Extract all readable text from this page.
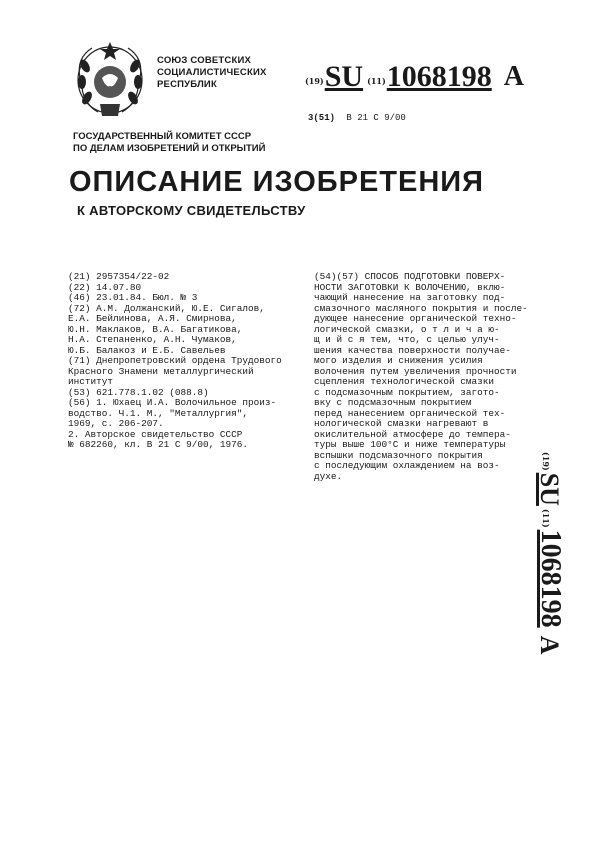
СОЮЗ СОВЕТСКИХ
СОЦИАЛИСТИЧЕСКИХ
РЕСПУБЛИК	(19) SU (11) 1068198 A
3(51) B 21 C 9/00
ГОСУДАРСТВЕННЫЙ КОМИТЕТ СССР
ПО ДЕЛАМ ИЗОБРЕТЕНИЙ И ОТКРЫТИЙ
ОПИСАНИЕ ИЗОБРЕТЕНИЯ
К АВТОРСКОМУ СВИДЕТЕЛЬСТВУ
(21) 2957354/22-02
(22) 14.07.80
(46) 23.01.84. Бюл. № 3
(72) А.М. Должанский, Ю.Е. Сигалов,
Е.А. Бейлинова, А.Я. Смирнова,
Ю.Н. Маклаков, В.А. Багатикова,
Н.А. Степаненко, А.Н. Чумаков,
Ю.Б. Балакоз и Е.Б. Савельев
(71) Днепропетровский ордена Трудового
Красного Знамени металлургический
институт
(53) 621.778.1.02 (088.8)
(56) 1. Юхаец И.А. Волочильное произ-
водство. Ч.1. М., "Металлургия",
1969, с. 206-207.
2. Авторское свидетельство СССР
№ 682260, кл. В 21 С 9/00, 1976.
(54)(57) СПОСОБ ПОДГОТОВКИ ПОВЕРХ-
НОСТИ ЗАГОТОВКИ К ВОЛОЧЕНИЮ, вклю-
чающий нанесение на заготовку под-
смазочного масляного покрытия и после-
дующее нанесение органической техно-
логической смазки, о т л и ч а ю-
щ и й с я тем, что, с целью улуч-
шения качества поверхности получае-
мого изделия и снижения усилия
волочения путем увеличения прочности
сцепления технологической смазки
с подсмазочным покрытием, загото-
вку с подсмазочным покрытием
перед нанесением органической тех-
нологической смазки нагревают в
окислительной атмосфере до темпера-
туры выше 100°С и ниже температуры
вспышки подсмазочного покрытия
с последующим охлаждением на воз-
духе.
(19)
SU
(11)
1068198
A
